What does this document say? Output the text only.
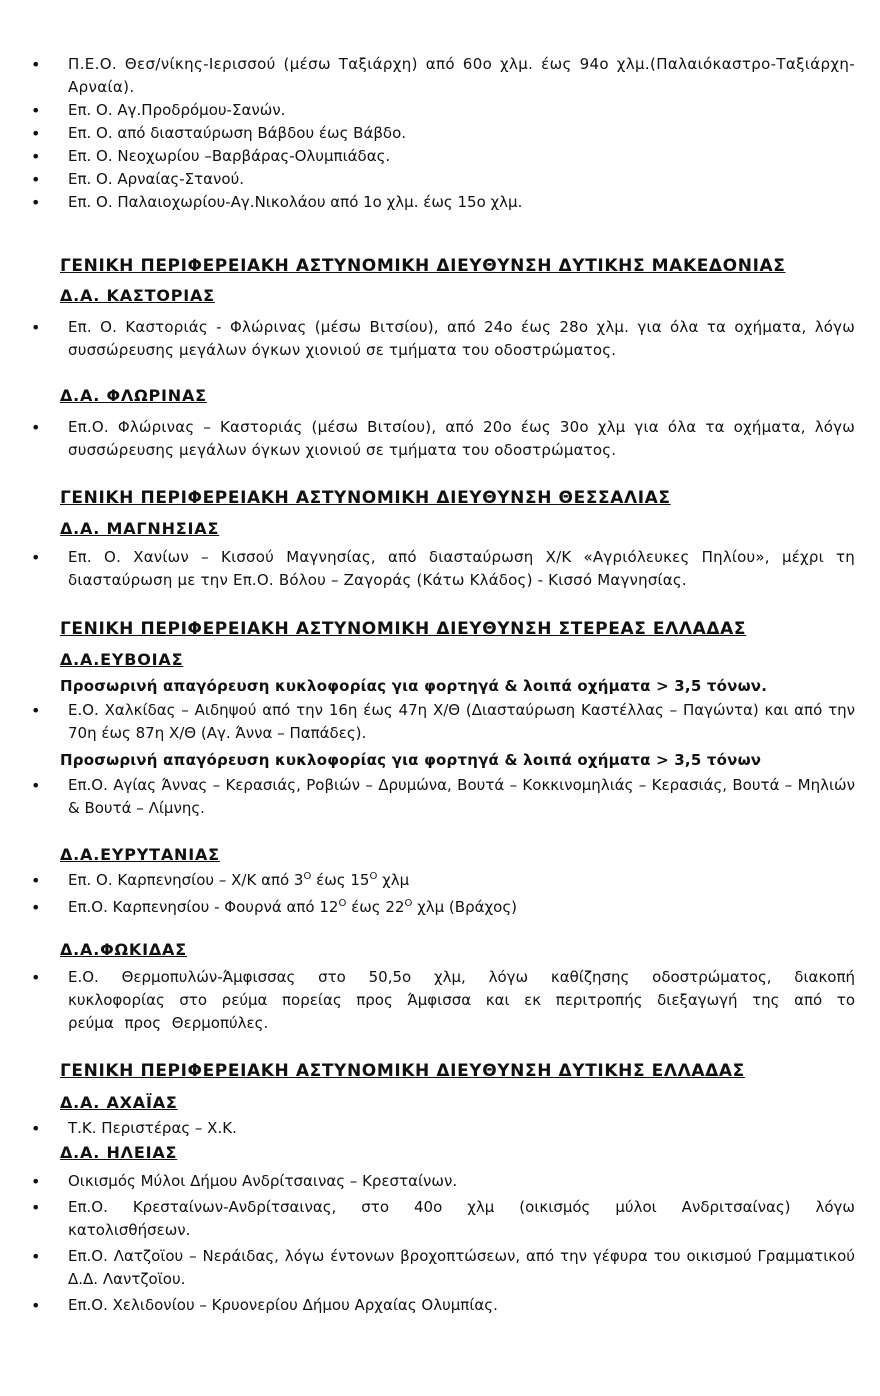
• Π.Ε.Ο. Θεσ/νίκης-Ιερισσού (μέσω Ταξιάρχη) από 60ο χλμ. έως 94ο χλμ.(Παλαιόκαστρο-Ταξιάρχη-Αρναία).
• Επ. Ο. Αγ.Προδρόμου-Σανών.
• Επ. Ο. από διασταύρωση Βάβδου έως Βάβδο.
• Επ. Ο. Νεοχωρίου –Βαρβάρας-Ολυμπιάδας.
• Επ. Ο. Αρναίας-Στανού.
• Επ. Ο. Παλαιοχωρίου-Αγ.Νικολάου από 1ο χλμ. έως 15ο χλμ.
ΓΕΝΙΚΗ ΠΕΡΙΦΕΡΕΙΑΚΗ ΑΣΤΥΝΟΜΙΚΗ ΔΙΕΥΘΥΝΣΗ ΔΥΤΙΚΗΣ ΜΑΚΕΔΟΝΙΑΣ
Δ.Α. ΚΑΣΤΟΡΙΑΣ
• Επ. Ο. Καστοριάς - Φλώρινας (μέσω Βιτσίου), από 24ο έως 28ο χλμ. για όλα τα οχήματα, λόγω συσσώρευσης μεγάλων όγκων χιονιού σε τμήματα του οδοστρώματος.
Δ.Α. ΦΛΩΡΙΝΑΣ
• Επ.Ο. Φλώρινας – Καστοριάς (μέσω Βιτσίου), από 20ο έως 30ο χλμ για όλα τα οχήματα, λόγω συσσώρευσης μεγάλων όγκων χιονιού σε τμήματα του οδοστρώματος.
ΓΕΝΙΚΗ ΠΕΡΙΦΕΡΕΙΑΚΗ ΑΣΤΥΝΟΜΙΚΗ ΔΙΕΥΘΥΝΣΗ ΘΕΣΣΑΛΙΑΣ
Δ.Α. ΜΑΓΝΗΣΙΑΣ
• Επ. Ο. Χανίων – Κισσού Μαγνησίας, από διασταύρωση Χ/Κ «Αγριόλευκες Πηλίου», μέχρι τη διασταύρωση με την Επ.Ο. Βόλου – Ζαγοράς (Κάτω Κλάδος) - Κισσό Μαγνησίας.
ΓΕΝΙΚΗ ΠΕΡΙΦΕΡΕΙΑΚΗ ΑΣΤΥΝΟΜΙΚΗ ΔΙΕΥΘΥΝΣΗ ΣΤΕΡΕΑΣ ΕΛΛΑΔΑΣ
Δ.Α.ΕΥΒΟΙΑΣ
Προσωρινή απαγόρευση κυκλοφορίας για φορτηγά & λοιπά οχήματα > 3,5 τόνων.
• Ε.Ο. Χαλκίδας – Αιδηψού από την 16η έως 47η Χ/Θ (Διασταύρωση Καστέλλας – Παγώντα) και από την 70η έως 87η Χ/Θ (Αγ. Άννα – Παπάδες).
Προσωρινή απαγόρευση κυκλοφορίας για φορτηγά & λοιπά οχήματα > 3,5 τόνων
• Επ.Ο. Αγίας Άννας – Κερασιάς, Ροβιών – Δρυμώνα, Βουτά – Κοκκινομηλιάς – Κερασιάς, Βουτά – Μηλιών & Βουτά – Λίμνης.
Δ.Α.ΕΥΡΥΤΑΝΙΑΣ
• Επ. Ο. Καρπενησίου – Χ/Κ από $3^O$ έως $15^O$ χλμ
• Επ.Ο. Καρπενησίου - Φουρνά από $12^O$ έως $22^O$ χλμ (Βράχος)
Δ.Α.ΦΩΚΙΔΑΣ
• Ε.Ο. Θερμοπυλών-Άμφισσας στο 50,5ο χλμ, λόγω καθίζησης οδοστρώματος, διακοπή κυκλοφορίας στο ρεύμα πορείας προς Άμφισσα και εκ περιτροπής διεξαγωγή της από το ρεύμα προς Θερμοπύλες.
ΓΕΝΙΚΗ ΠΕΡΙΦΕΡΕΙΑΚΗ ΑΣΤΥΝΟΜΙΚΗ ΔΙΕΥΘΥΝΣΗ ΔΥΤΙΚΗΣ ΕΛΛΑΔΑΣ
Δ.Α. ΑΧΑΪΑΣ
• Τ.Κ. Περιστέρας – Χ.Κ.
Δ.Α. ΗΛΕΙΑΣ
• Οικισμός Μύλοι Δήμου Ανδρίτσαινας – Κρεσταίνων.
• Επ.Ο. Κρεσταίνων-Ανδρίτσαινας, στο 40ο χλμ (οικισμός μύλοι Ανδριτσαίνας) λόγω κατολισθήσεων.
• Επ.Ο. Λατζοϊου – Νεράιδας, λόγω έντονων βροχοπτώσεων, από την γέφυρα του οικισμού Γραμματικού Δ.Δ. Λαντζοϊου.
• Επ.Ο. Χελιδονίου – Κρυονερίου Δήμου Αρχαίας Ολυμπίας.
